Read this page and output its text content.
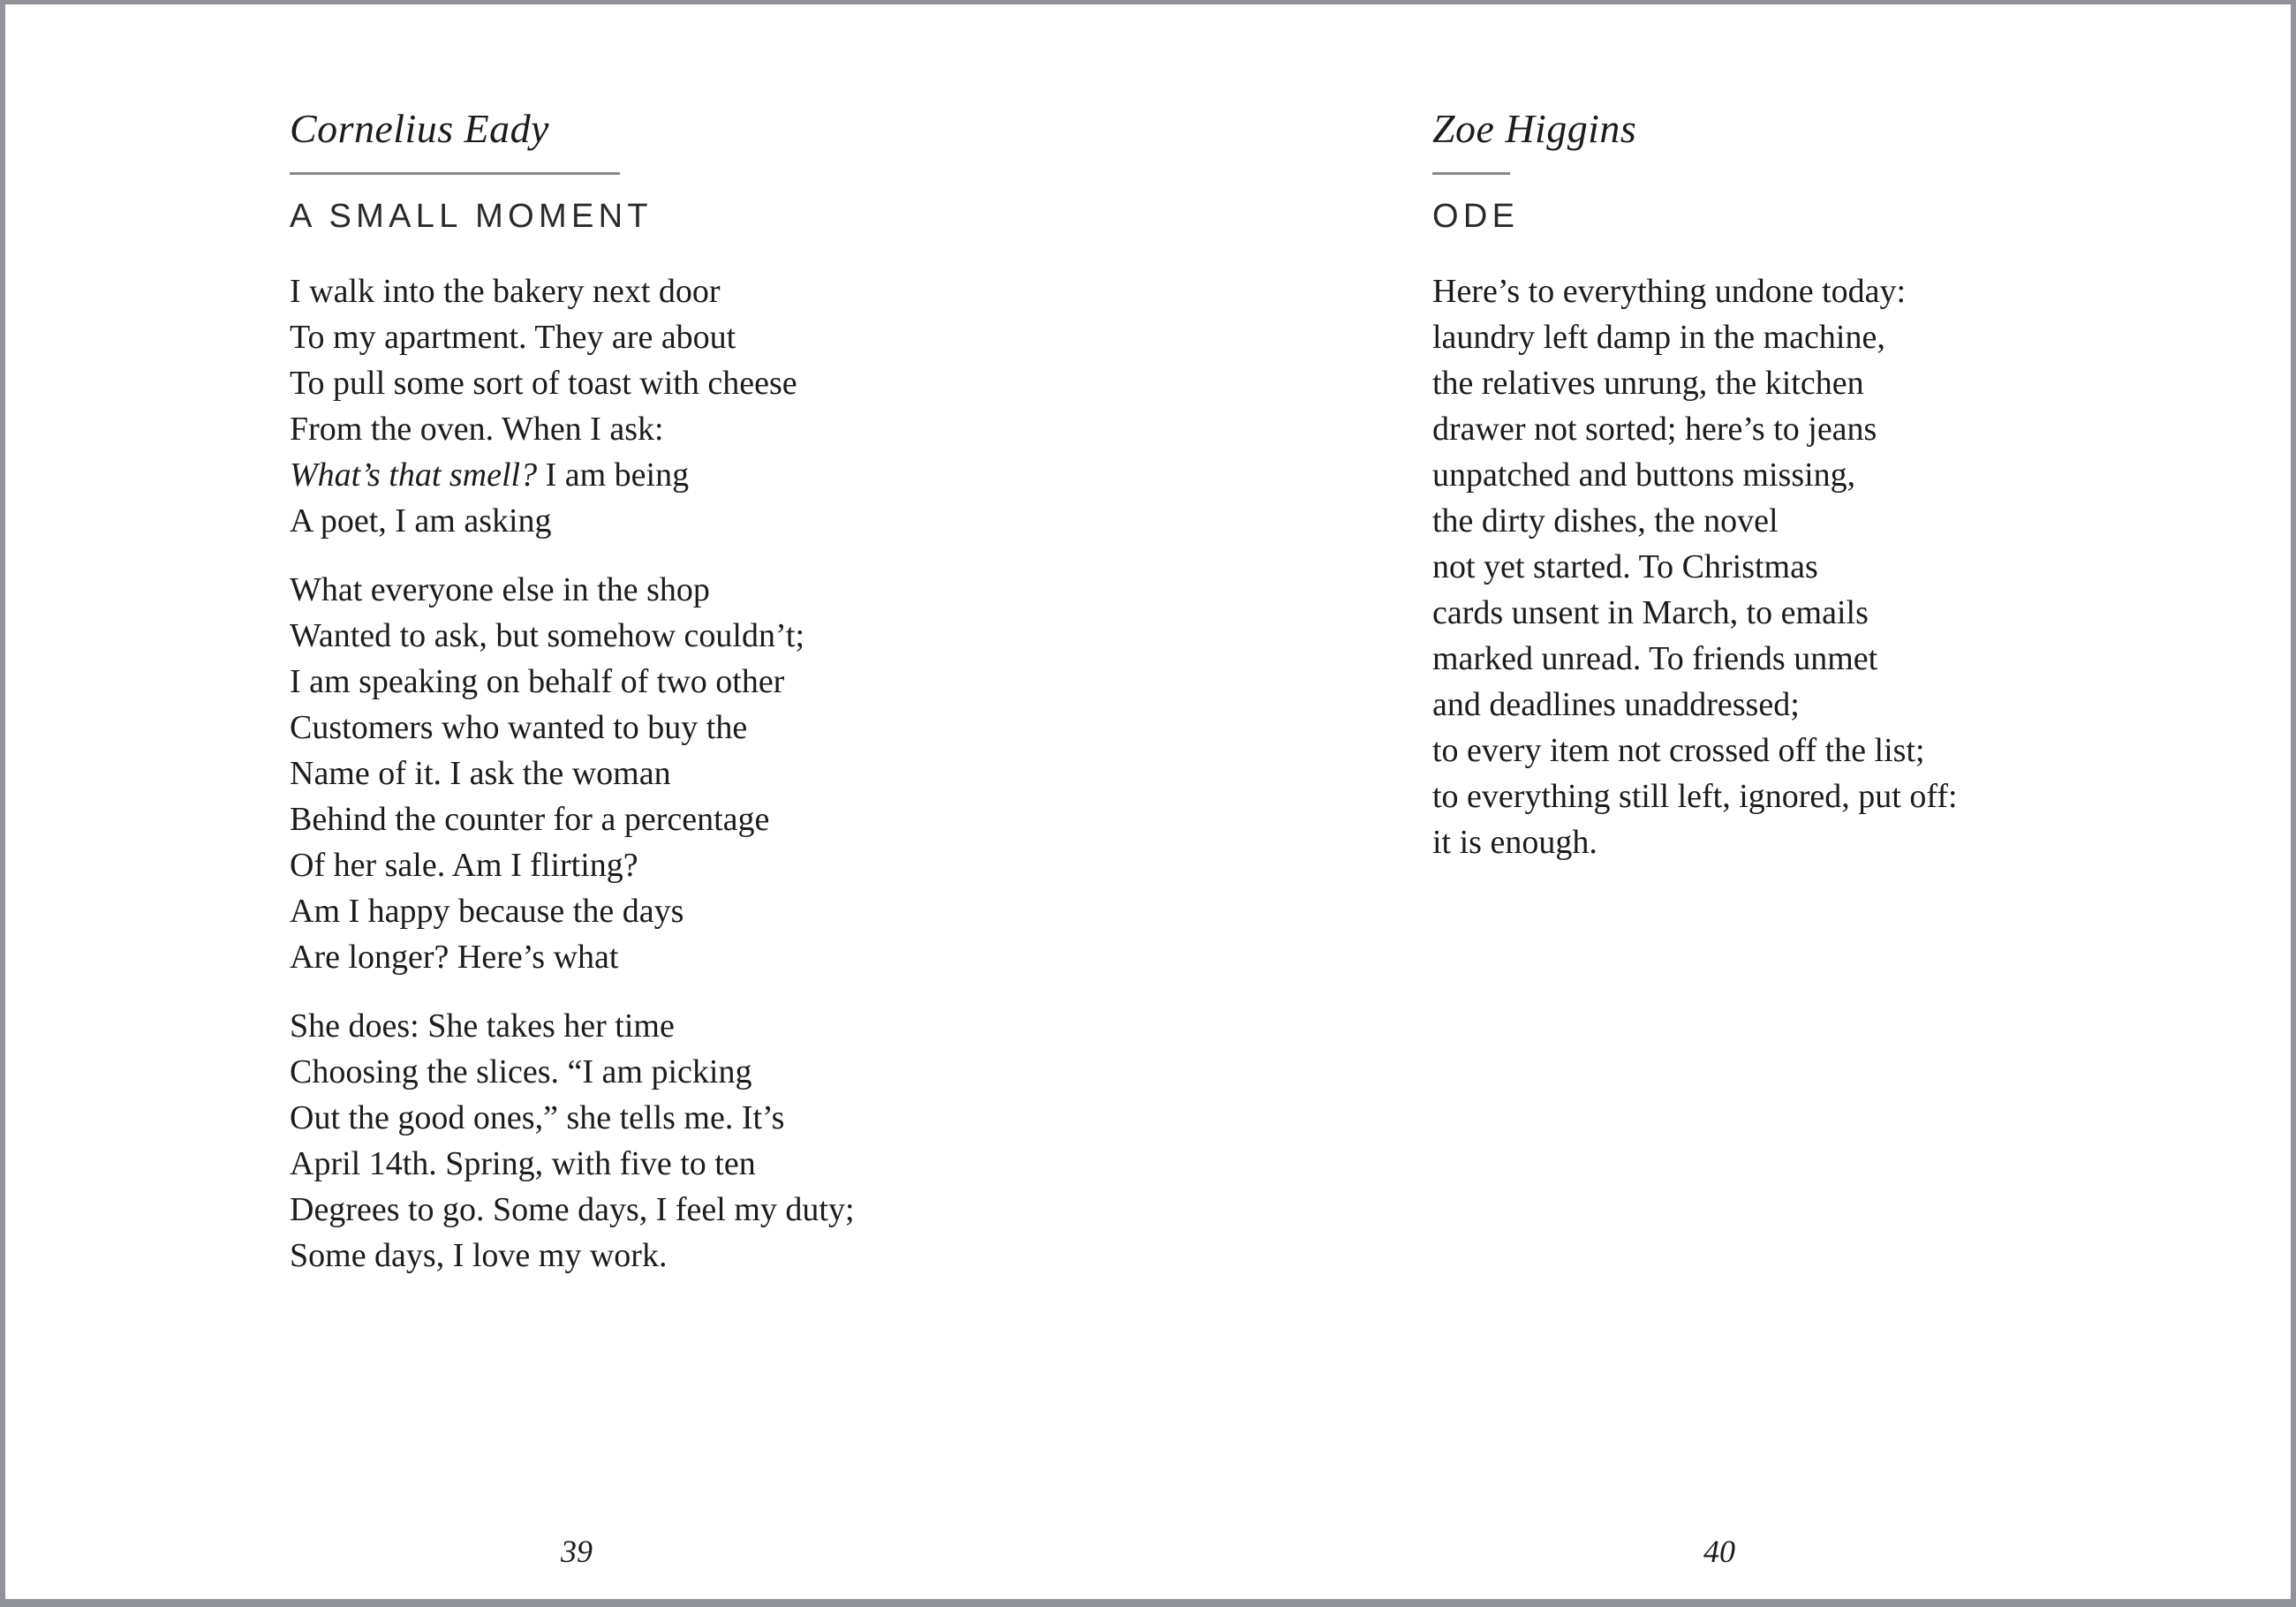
Cornelius Eady
A SMALL MOMENT
I walk into the bakery next door
To my apartment. They are about
To pull some sort of toast with cheese
From the oven. When I ask:
What’s that smell? I am being
A poet, I am asking
What everyone else in the shop
Wanted to ask, but somehow couldn’t;
I am speaking on behalf of two other
Customers who wanted to buy the
Name of it. I ask the woman
Behind the counter for a percentage
Of her sale. Am I flirting?
Am I happy because the days
Are longer? Here’s what
She does: She takes her time
Choosing the slices. “I am picking
Out the good ones,” she tells me. It’s
April 14th. Spring, with five to ten
Degrees to go. Some days, I feel my duty;
Some days, I love my work.
39
Zoe Higgins
ODE
Here’s to everything undone today:
laundry left damp in the machine,
the relatives unrung, the kitchen
drawer not sorted; here’s to jeans
unpatched and buttons missing,
the dirty dishes, the novel
not yet started. To Christmas
cards unsent in March, to emails
marked unread. To friends unmet
and deadlines unaddressed;
to every item not crossed off the list;
to everything still left, ignored, put off:
it is enough.
40
